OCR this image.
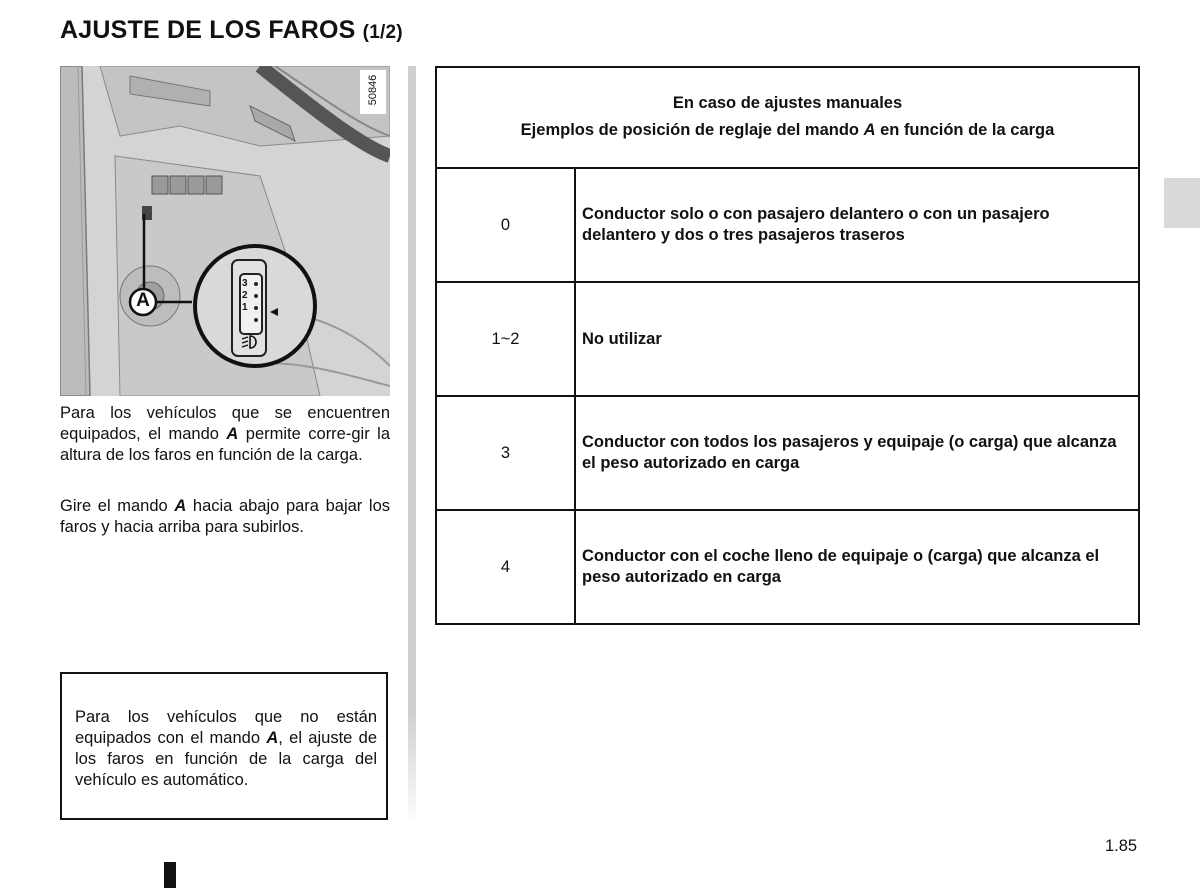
AJUSTE DE LOS FAROS (1/2)
A
3
2
1
50846
Para los vehículos que se encuentren equipados, el mando A permite corre-gir la altura de los faros en función de la carga.
Gire el mando A hacia abajo para bajar los faros y hacia arriba para subirlos.
Para los vehículos que no están equipados con el mando A, el ajuste de los faros en función de la carga del vehículo es automático.
En caso de ajustes manuales
Ejemplos de posición de reglaje del mando A en función de la carga
0
Conductor solo o con pasajero delantero o con un pasajero delantero y dos o tres pasajeros traseros
1~2	No utilizar
3
Conductor con todos los pasajeros y equipaje (o carga) que alcanza el peso autorizado en carga
4
Conductor con el coche lleno de equipaje o (carga) que alcanza el peso autorizado en carga
1.85
